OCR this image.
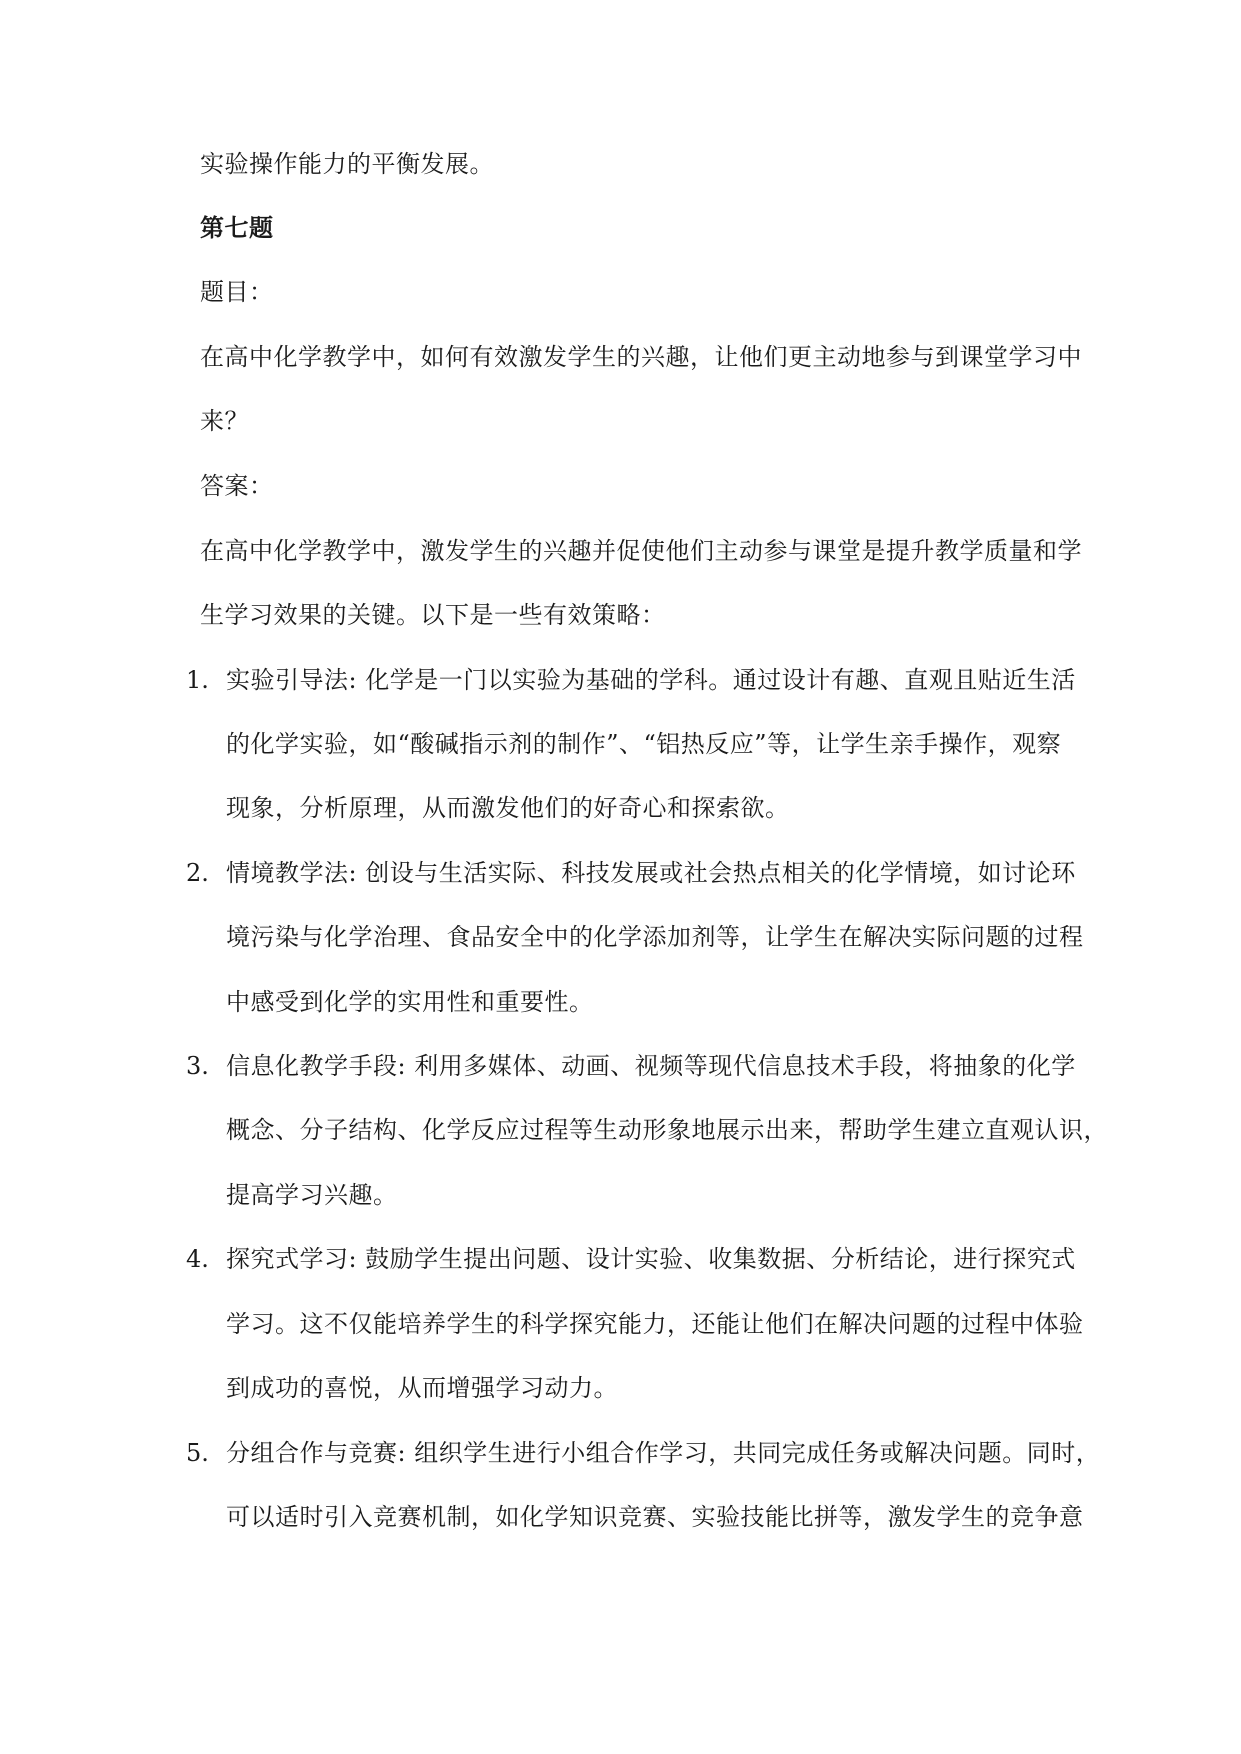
实验操作能力的平衡发展。
第七题
题目：
在高中化学教学中，如何有效激发学生的兴趣，让他们更主动地参与到课堂学习中
来？
答案：
在高中化学教学中，激发学生的兴趣并促使他们主动参与课堂是提升教学质量和学
生学习效果的关键。以下是一些有效策略：
1. 实验引导法: 化学是一门以实验为基础的学科。通过设计有趣、直观且贴近生活
的化学实验，如“酸碱指示剂的制作”、“铝热反应”等，让学生亲手操作，观察
现象，分析原理，从而激发他们的好奇心和探索欲。
2. 情境教学法: 创设与生活实际、科技发展或社会热点相关的化学情境，如讨论环
境污染与化学治理、食品安全中的化学添加剂等，让学生在解决实际问题的过程
中感受到化学的实用性和重要性。
3. 信息化教学手段: 利用多媒体、动画、视频等现代信息技术手段，将抽象的化学
概念、分子结构、化学反应过程等生动形象地展示出来，帮助学生建立直观认识，
提高学习兴趣。
4. 探究式学习: 鼓励学生提出问题、设计实验、收集数据、分析结论，进行探究式
学习。这不仅能培养学生的科学探究能力，还能让他们在解决问题的过程中体验
到成功的喜悦，从而增强学习动力。
5. 分组合作与竞赛: 组织学生进行小组合作学习，共同完成任务或解决问题。同时，
可以适时引入竞赛机制，如化学知识竞赛、实验技能比拼等，激发学生的竞争意
